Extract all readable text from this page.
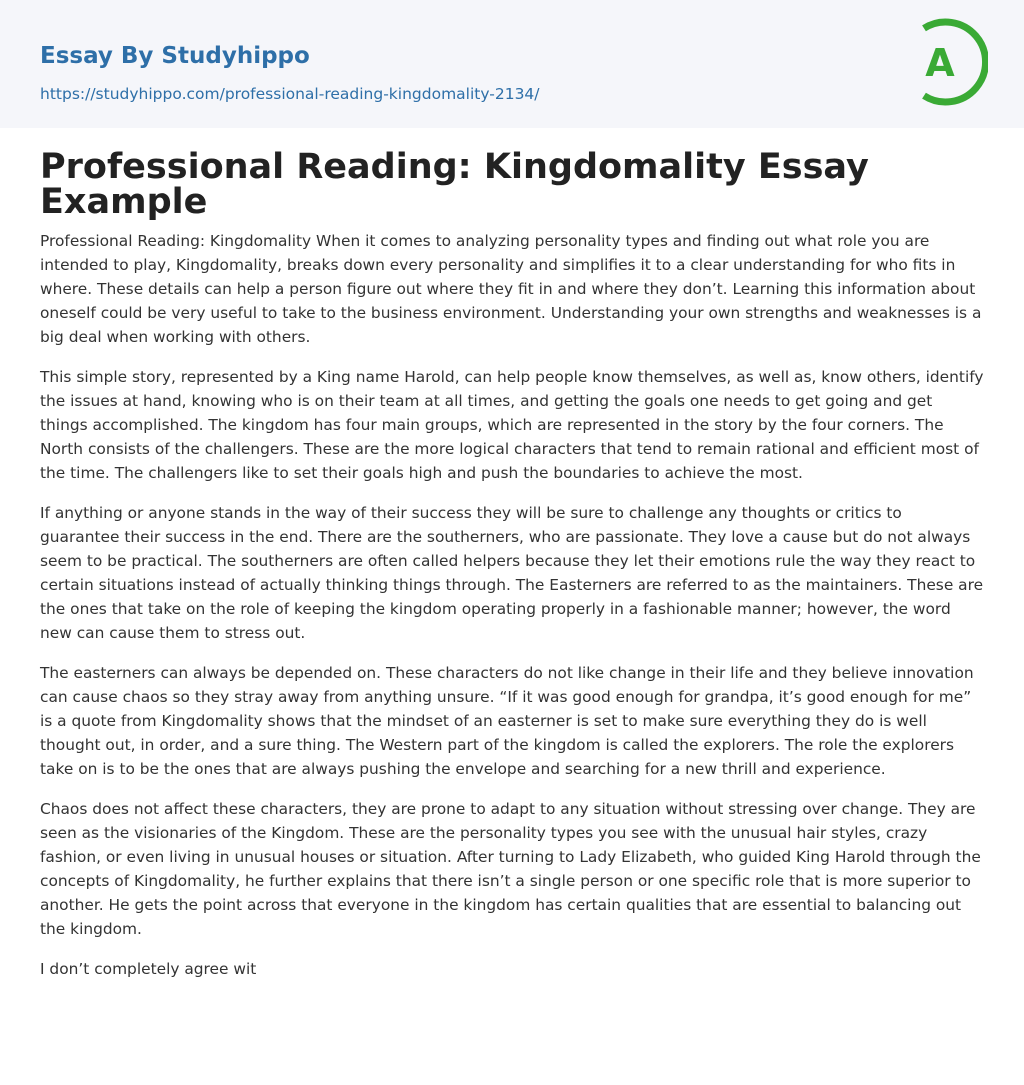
Essay By Studyhippo
https://studyhippo.com/professional-reading-kingdomality-2134/
A
Professional Reading: Kingdomality Essay Example

Professional Reading: Kingdomality When it comes to analyzing personality types and finding out what role you are intended to play, Kingdomality, breaks down every personality and simplifies it to a clear understanding for who fits in where. These details can help a person figure out where they fit in and where they don’t. Learning this information about oneself could be very useful to take to the business environment. Understanding your own strengths and weaknesses is a big deal when working with others.

This simple story, represented by a King name Harold, can help people know themselves, as well as, know others, identify the issues at hand, knowing who is on their team at all times, and getting the goals one needs to get going and get things accomplished. The kingdom has four main groups, which are represented in the story by the four corners. The North consists of the challengers. These are the more logical characters that tend to remain rational and efficient most of the time. The challengers like to set their goals high and push the boundaries to achieve the most.

If anything or anyone stands in the way of their success they will be sure to challenge any thoughts or critics to guarantee their success in the end. There are the southerners, who are passionate. They love a cause but do not always seem to be practical. The southerners are often called helpers because they let their emotions rule the way they react to certain situations instead of actually thinking things through. The Easterners are referred to as the maintainers. These are the ones that take on the role of keeping the kingdom operating properly in a fashionable manner; however, the word new can cause them to stress out.

The easterners can always be depended on. These characters do not like change in their life and they believe innovation can cause chaos so they stray away from anything unsure. “If it was good enough for grandpa, it’s good enough for me” is a quote from Kingdomality shows that the mindset of an easterner is set to make sure everything they do is well thought out, in order, and a sure thing. The Western part of the kingdom is called the explorers. The role the explorers take on is to be the ones that are always pushing the envelope and searching for a new thrill and experience.

Chaos does not affect these characters, they are prone to adapt to any situation without stressing over change. They are seen as the visionaries of the Kingdom. These are the personality types you see with the unusual hair styles, crazy fashion, or even living in unusual houses or situation. After turning to Lady Elizabeth, who guided King Harold through the concepts of Kingdomality, he further explains that there isn’t a single person or one specific role that is more superior to another. He gets the point across that everyone in the kingdom has certain qualities that are essential to balancing out the kingdom.

I don’t completely agree wit
